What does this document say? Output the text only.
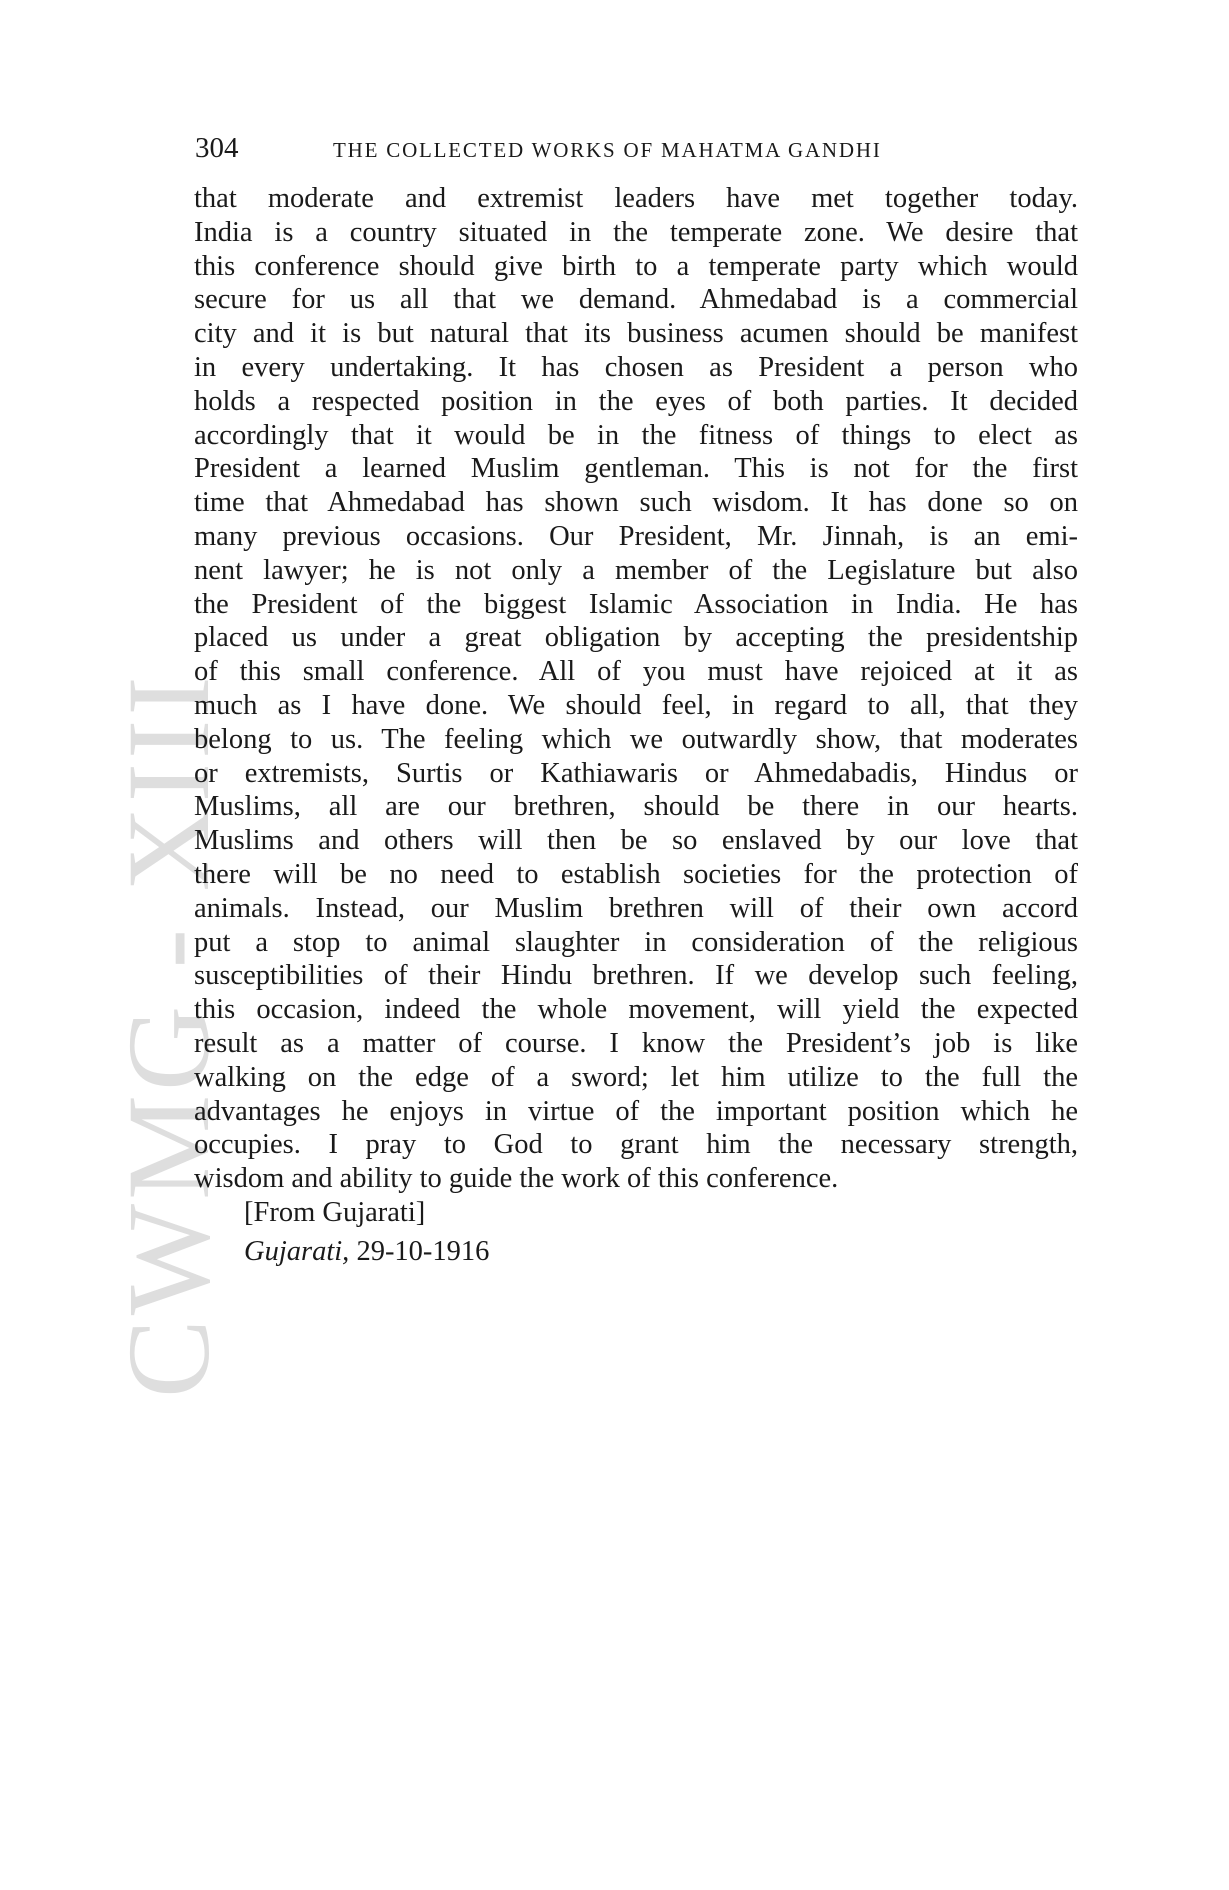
CWMG - XIII
304	THE COLLECTED WORKS OF MAHATMA GANDHI

that moderate and extremist leaders have met together today.
India is a country situated in the temperate zone. We desire that
this conference should give birth to a temperate party which would
secure for us all that we demand. Ahmedabad is a commercial
city and it is but natural that its business acumen should be manifest
in every undertaking. It has chosen as President a person who
holds a respected position in the eyes of both parties. It decided
accordingly that it would be in the fitness of things to elect as
President a learned Muslim gentleman. This is not for the first
time that Ahmedabad has shown such wisdom. It has done so on
many previous occasions. Our President, Mr. Jinnah, is an emi-
nent lawyer; he is not only a member of the Legislature but also
the President of the biggest Islamic Association in India. He has
placed us under a great obligation by accepting the presidentship
of this small conference. All of you must have rejoiced at it as
much as I have done. We should feel, in regard to all, that they
belong to us. The feeling which we outwardly show, that moderates
or extremists, Surtis or Kathiawaris or Ahmedabadis, Hindus or
Muslims, all are our brethren, should be there in our hearts.
Muslims and others will then be so enslaved by our love that
there will be no need to establish societies for the protection of
animals. Instead, our Muslim brethren will of their own accord
put a stop to animal slaughter in consideration of the religious
susceptibilities of their Hindu brethren. If we develop such feeling,
this occasion, indeed the whole movement, will yield the expected
result as a matter of course. I know the President’s job is like
walking on the edge of a sword; let him utilize to the full the
advantages he enjoys in virtue of the important position which he
occupies. I pray to God to grant him the necessary strength,
wisdom and ability to guide the work of this conference.

[From Gujarati]

Gujarati, 29-10-1916
